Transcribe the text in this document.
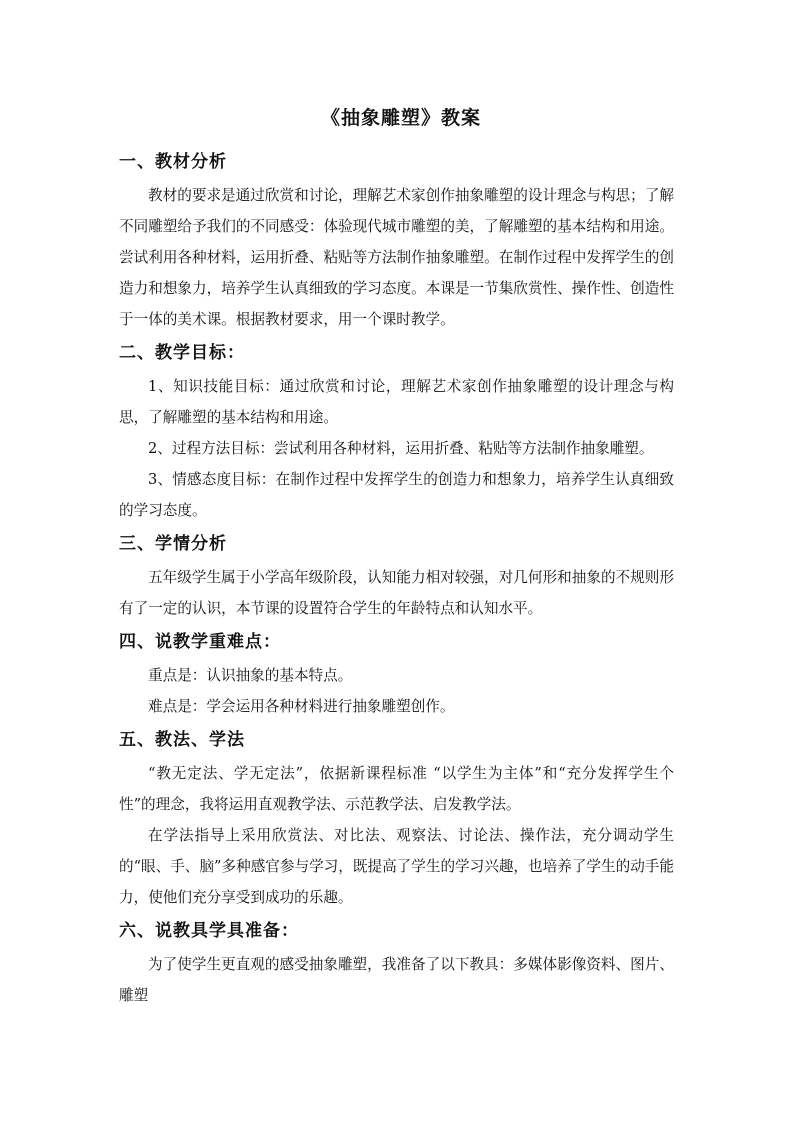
《抽象雕塑》教案
一、教材分析

教材的要求是通过欣赏和讨论，理解艺术家创作抽象雕塑的设计理念与构思；了解不同雕塑给予我们的不同感受：体验现代城市雕塑的美，了解雕塑的基本结构和用途。尝试利用各种材料，运用折叠、粘贴等方法制作抽象雕塑。在制作过程中发挥学生的创造力和想象力，培养学生认真细致的学习态度。本课是一节集欣赏性、操作性、创造性于一体的美术课。根据教材要求，用一个课时教学。

二、教学目标：

1、知识技能目标：通过欣赏和讨论，理解艺术家创作抽象雕塑的设计理念与构思，了解雕塑的基本结构和用途。

2、过程方法目标：尝试利用各种材料，运用折叠、粘贴等方法制作抽象雕塑。

3、情感态度目标：在制作过程中发挥学生的创造力和想象力，培养学生认真细致的学习态度。

三、学情分析

五年级学生属于小学高年级阶段，认知能力相对较强，对几何形和抽象的不规则形有了一定的认识，本节课的设置符合学生的年龄特点和认知水平。

四、说教学重难点：

重点是：认识抽象的基本特点。

难点是：学会运用各种材料进行抽象雕塑创作。

五、教法、学法

“教无定法、学无定法”，依据新课程标准 “以学生为主体”和“充分发挥学生个性”的理念，我将运用直观教学法、示范教学法、启发教学法。

在学法指导上采用欣赏法、对比法、观察法、讨论法、操作法，充分调动学生的“眼、手、脑”多种感官参与学习，既提高了学生的学习兴趣，也培养了学生的动手能力，使他们充分享受到成功的乐趣。

六、说教具学具准备：

为了使学生更直观的感受抽象雕塑，我准备了以下教具：多媒体影像资料、图片、雕塑
